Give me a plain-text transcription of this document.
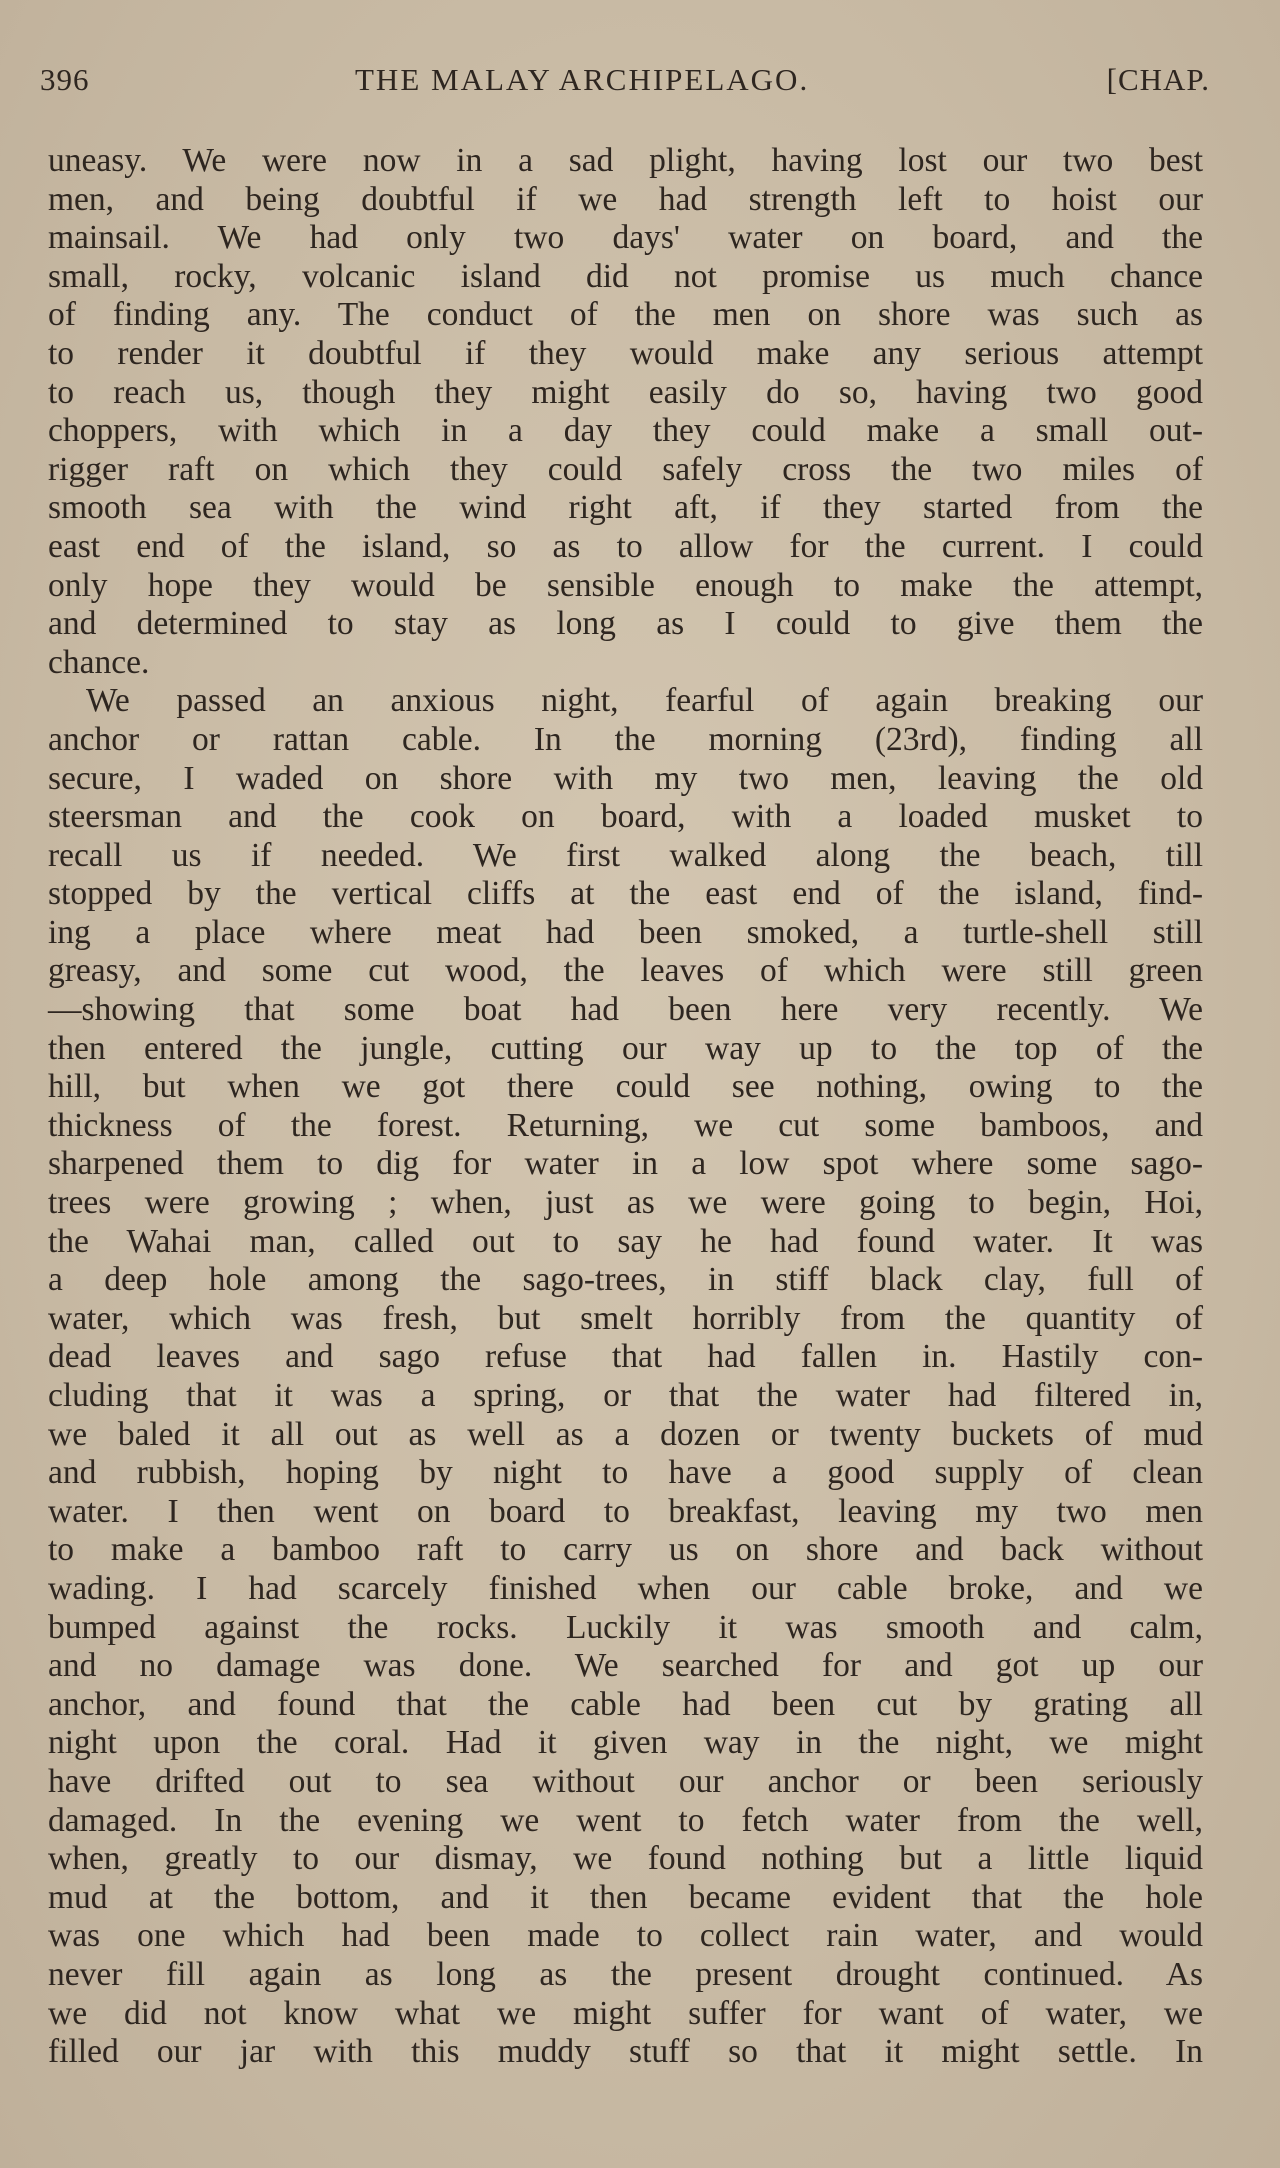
396	THE MALAY ARCHIPELAGO.	[CHAP.
uneasy. We were now in a sad plight, having lost our two best
men, and being doubtful if we had strength left to hoist our
mainsail. We had only two days' water on board, and the
small, rocky, volcanic island did not promise us much chance
of finding any. The conduct of the men on shore was such as
to render it doubtful if they would make any serious attempt
to reach us, though they might easily do so, having two good
choppers, with which in a day they could make a small out-
rigger raft on which they could safely cross the two miles of
smooth sea with the wind right aft, if they started from the
east end of the island, so as to allow for the current. I could
only hope they would be sensible enough to make the attempt,
and determined to stay as long as I could to give them the
chance.
We passed an anxious night, fearful of again breaking our
anchor or rattan cable. In the morning (23rd), finding all
secure, I waded on shore with my two men, leaving the old
steersman and the cook on board, with a loaded musket to
recall us if needed. We first walked along the beach, till
stopped by the vertical cliffs at the east end of the island, find-
ing a place where meat had been smoked, a turtle-shell still
greasy, and some cut wood, the leaves of which were still green
—showing that some boat had been here very recently. We
then entered the jungle, cutting our way up to the top of the
hill, but when we got there could see nothing, owing to the
thickness of the forest. Returning, we cut some bamboos, and
sharpened them to dig for water in a low spot where some sago-
trees were growing ; when, just as we were going to begin, Hoi,
the Wahai man, called out to say he had found water. It was
a deep hole among the sago-trees, in stiff black clay, full of
water, which was fresh, but smelt horribly from the quantity of
dead leaves and sago refuse that had fallen in. Hastily con-
cluding that it was a spring, or that the water had filtered in,
we baled it all out as well as a dozen or twenty buckets of mud
and rubbish, hoping by night to have a good supply of clean
water. I then went on board to breakfast, leaving my two men
to make a bamboo raft to carry us on shore and back without
wading. I had scarcely finished when our cable broke, and we
bumped against the rocks. Luckily it was smooth and calm,
and no damage was done. We searched for and got up our
anchor, and found that the cable had been cut by grating all
night upon the coral. Had it given way in the night, we might
have drifted out to sea without our anchor or been seriously
damaged. In the evening we went to fetch water from the well,
when, greatly to our dismay, we found nothing but a little liquid
mud at the bottom, and it then became evident that the hole
was one which had been made to collect rain water, and would
never fill again as long as the present drought continued. As
we did not know what we might suffer for want of water, we
filled our jar with this muddy stuff so that it might settle. In
